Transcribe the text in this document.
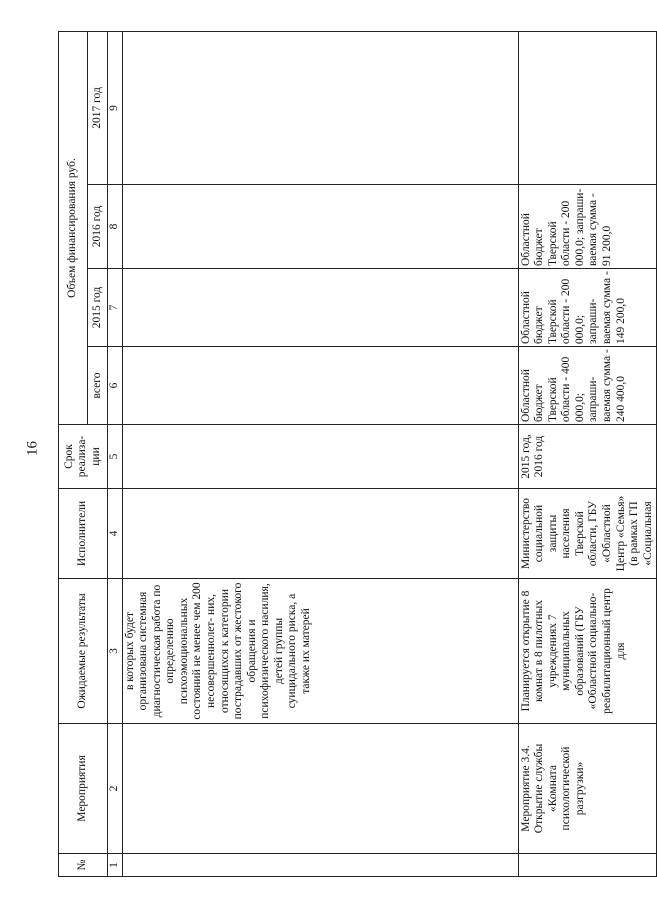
16
№	Мероприятия	Ожидаемые результаты	Исполнители	Срок реализа- ции	Объем финансирования руб.			
					всего	2015 год	2016 год	2017 год
1	2	3	4	5	6	7	8	9
		в которых будет организована системная диагностическая работа по определению психоэмоциональных состояний не менее чем 200 несовершеннолет- них, относящихся к категории пострадавших от жестокого обращения и психофизического насилия, детей группы суицидального риска, а также их матерей						
	Мероприятие 3.4. Открытие службы «Комната психологической разгрузки»	Планируется открытие 8 комнат в 8 пилотных учреждениях 7 муниципальных образований (ГБУ «Областной социально- реабилитационный центр для	Министерство социальной защиты населения Тверской области, ГБУ «Областной Центр «Семья» (в рамках ГП «Социальная	2015 год, 2016 год	Областной бюджет Тверской области - 400 000,0; запраши- ваемая сумма - 240 400,0	Областной бюджет Тверской области - 200 000,0; запраши- ваемая сумма - 149 200,0	Областной бюджет Тверской области - 200 000,0; запраши- ваемая сумма - 91 200,0	
